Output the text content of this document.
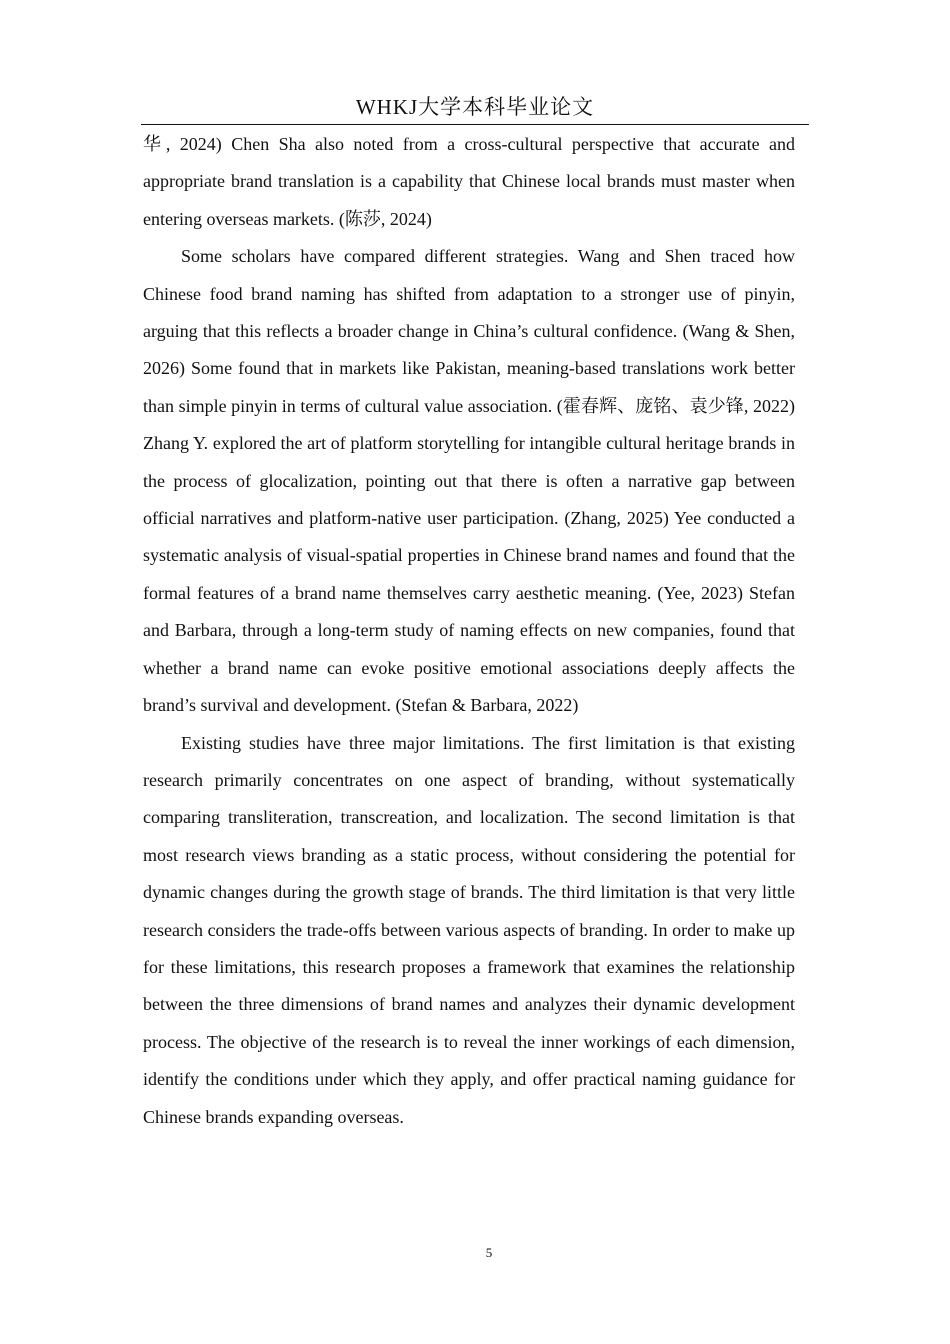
WHKJ大学本科毕业论文

华, 2024) Chen Sha also noted from a cross-cultural perspective that accurate and appropriate brand translation is a capability that Chinese local brands must master when entering overseas markets. (陈莎, 2024)

Some scholars have compared different strategies. Wang and Shen traced how Chinese food brand naming has shifted from adaptation to a stronger use of pinyin, arguing that this reflects a broader change in China’s cultural confidence. (Wang & Shen, 2026) Some found that in markets like Pakistan, meaning-based translations work better than simple pinyin in terms of cultural value association. (霍春辉、庞铭、袁少锋, 2022) Zhang Y. explored the art of platform storytelling for intangible cultural heritage brands in the process of glocalization, pointing out that there is often a narrative gap between official narratives and platform-native user participation. (Zhang, 2025) Yee conducted a systematic analysis of visual-spatial properties in Chinese brand names and found that the formal features of a brand name themselves carry aesthetic meaning. (Yee, 2023) Stefan and Barbara, through a long-term study of naming effects on new companies, found that whether a brand name can evoke positive emotional associations deeply affects the brand’s survival and development. (Stefan & Barbara, 2022)

Existing studies have three major limitations. The first limitation is that existing research primarily concentrates on one aspect of branding, without systematically comparing transliteration, transcreation, and localization. The second limitation is that most research views branding as a static process, without considering the potential for dynamic changes during the growth stage of brands. The third limitation is that very little research considers the trade-offs between various aspects of branding. In order to make up for these limitations, this research proposes a framework that examines the relationship between the three dimensions of brand names and analyzes their dynamic development process. The objective of the research is to reveal the inner workings of each dimension, identify the conditions under which they apply, and offer practical naming guidance for Chinese brands expanding overseas.

5
